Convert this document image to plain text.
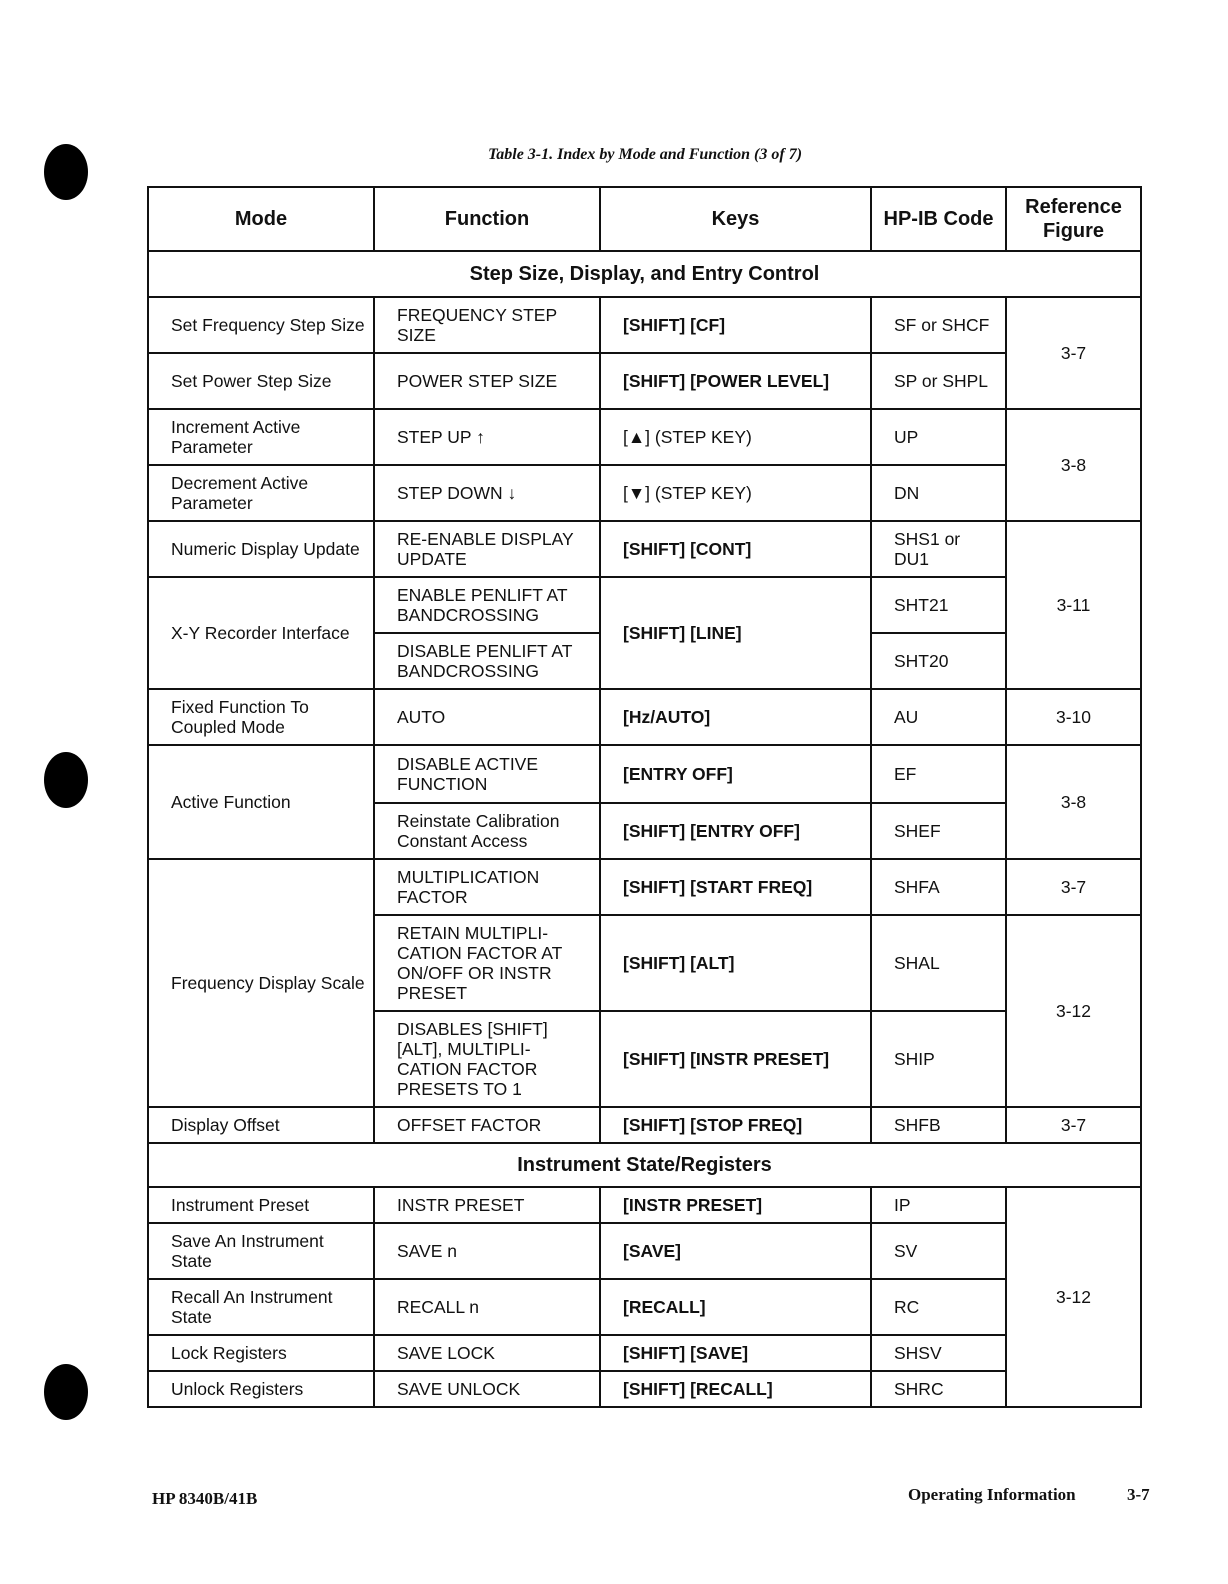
Table 3-1. Index by Mode and Function (3 of 7)
Mode	Function	Keys	HP-IB Code	Reference Figure
Step Size, Display, and Entry Control				
Set Frequency Step Size	FREQUENCY STEP SIZE	[SHIFT] [CF]	SF or SHCF	3-7
Set Power Step Size	POWER STEP SIZE	[SHIFT] [POWER LEVEL]	SP or SHPL	
Increment Active Parameter	STEP UP ↑	[▲] (STEP KEY)	UP	3-8
Decrement Active Parameter	STEP DOWN ↓	[▼] (STEP KEY)	DN	
Numeric Display Update	RE-ENABLE DISPLAY UPDATE	[SHIFT] [CONT]	SHS1 or DU1	3-11
X-Y Recorder Interface	ENABLE PENLIFT AT BANDCROSSING	[SHIFT] [LINE]	SHT21	
	DISABLE PENLIFT AT BANDCROSSING		SHT20	
Fixed Function To Coupled Mode	AUTO	[Hz/AUTO]	AU	3-10
Active Function	DISABLE ACTIVE FUNCTION	[ENTRY OFF]	EF	3-8
	Reinstate Calibration Constant Access	[SHIFT] [ENTRY OFF]	SHEF	
Frequency Display Scale	MULTIPLICATION FACTOR	[SHIFT] [START FREQ]	SHFA	3-7
	RETAIN MULTIPLI-CATION FACTOR AT ON/OFF OR INSTR PRESET	[SHIFT] [ALT]	SHAL	3-12
	DISABLES [SHIFT] [ALT], MULTIPLI-CATION FACTOR PRESETS TO 1	[SHIFT] [INSTR PRESET]	SHIP	
Display Offset	OFFSET FACTOR	[SHIFT] [STOP FREQ]	SHFB	3-7
Instrument State/Registers				
Instrument Preset	INSTR PRESET	[INSTR PRESET]	IP	3-12
Save An Instrument State	SAVE n	[SAVE]	SV	
Recall An Instrument State	RECALL n	[RECALL]	RC	
Lock Registers	SAVE LOCK	[SHIFT] [SAVE]	SHSV	
Unlock Registers	SAVE UNLOCK	[SHIFT] [RECALL]	SHRC	
HP 8340B/41B	Operating Information	3-7
